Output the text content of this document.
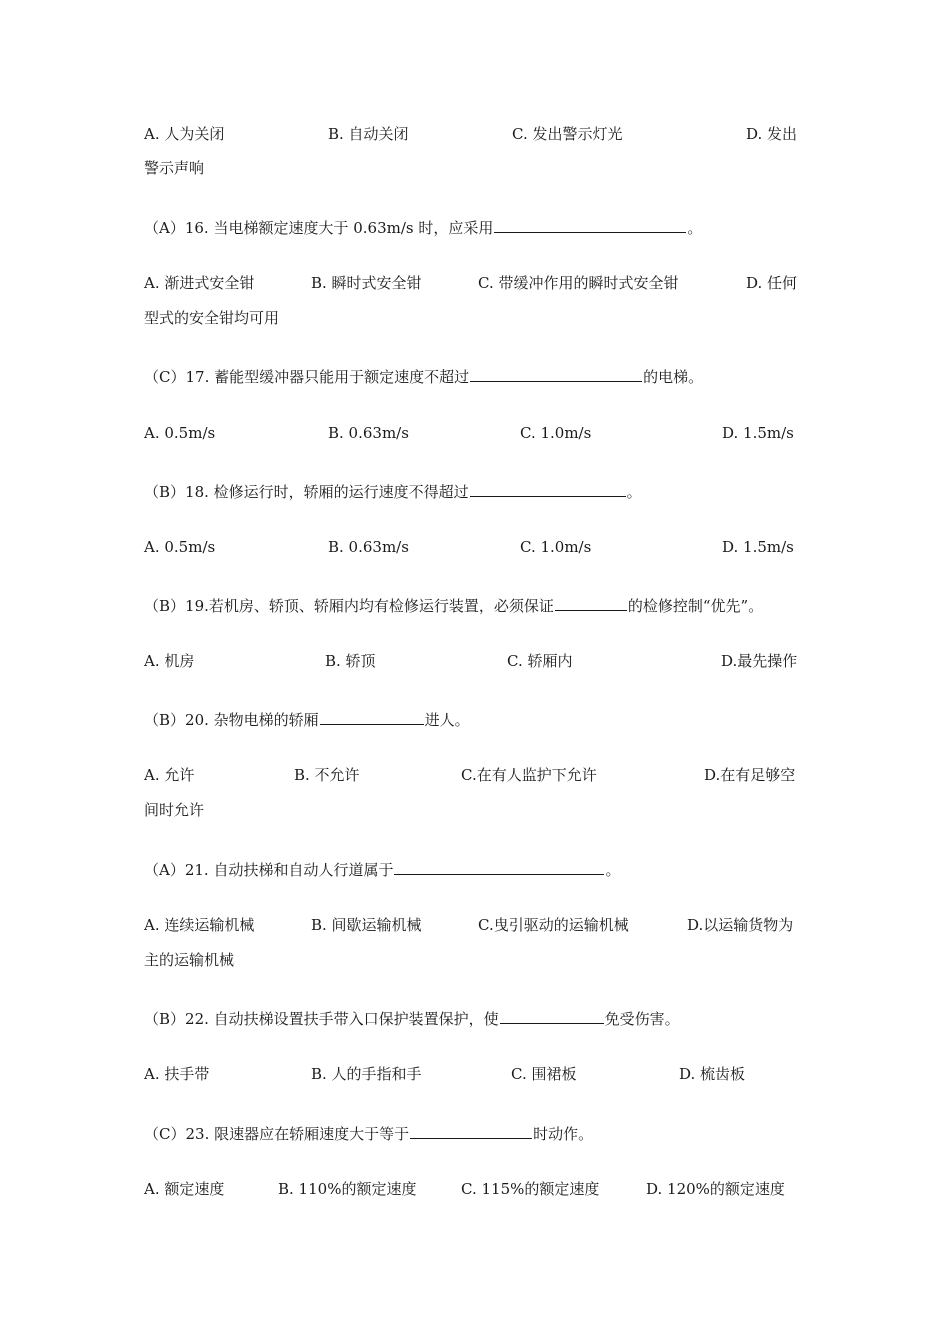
A. 人为关闭	B. 自动关闭	C. 发出警示灯光	D. 发出
警示声响
（A）16. 当电梯额定速度大于 0.63m/s 时，应采用	。
A. 渐进式安全钳	B. 瞬时式安全钳	C. 带缓冲作用的瞬时式安全钳	D. 任何
型式的安全钳均可用
（C）17. 蓄能型缓冲器只能用于额定速度不超过	的电梯。
A. 0.5m/s	B. 0.63m/s	C. 1.0m/s	D. 1.5m/s
（B）18. 检修运行时，轿厢的运行速度不得超过	。
A. 0.5m/s	B. 0.63m/s	C. 1.0m/s	D. 1.5m/s
（B）19.若机房、轿顶、轿厢内均有检修运行装置，必须保证	的检修控制“优先”。
A. 机房	B. 轿顶	C. 轿厢内	D.最先操作
（B）20. 杂物电梯的轿厢	进人。
A. 允许	B. 不允许	C.在有人监护下允许	D.在有足够空
间时允许
（A）21. 自动扶梯和自动人行道属于	。
A. 连续运输机械	B. 间歇运输机械	C.曳引驱动的运输机械	D.以运输货物为
主的运输机械
（B）22. 自动扶梯设置扶手带入口保护装置保护，使	免受伤害。
A. 扶手带	B. 人的手指和手	C. 围裙板	D. 梳齿板
（C）23. 限速器应在轿厢速度大于等于	时动作。
A. 额定速度	B. 110%的额定速度	C. 115%的额定速度	D. 120%的额定速度
